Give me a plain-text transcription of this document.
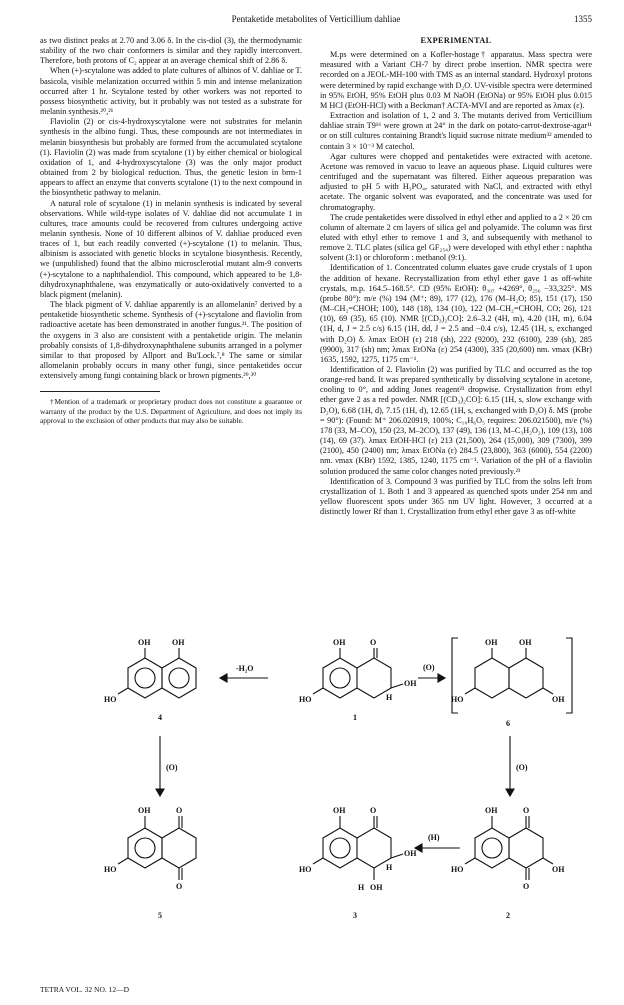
Pentaketide metabolites of Verticillium dahliae	1355

as two distinct peaks at 2.70 and 3.06 δ. In the cis-diol (3), the thermodynamic stability of the two chair conformers is similar and they rapidly interconvert. Therefore, both protons of C₂ appear at an average chemical shift of 2.86 δ.

When (+)-scytalone was added to plate cultures of albinos of V. dahliae or T. basicola, visible melanization occurred within 5 min and intense melanization occurred after 1 hr. Scytalone tested by other workers was not reported to possess biosynthetic activity, but it probably was not tested as a substrate for melanin synthesis.²⁰,²¹

Flaviolin (2) or cis-4-hydroxyscytalone were not substrates for melanin synthesis in the albino fungi. Thus, these compounds are not intermediates in melanin biosynthesis but probably are formed from the accumulated scytalone (1). Flaviolin (2) was made from scytalone (1) by either chemical or biological oxidation of 1, and 4-hydroxyscytalone (3) was the only major product obtained from 2 by biological reduction. Thus, the genetic lesion in brm-1 appears to affect an enzyme that converts scytalone (1) to the next compound in the biosynthetic pathway to melanin.

A natural role of scytalone (1) in melanin synthesis is indicated by several observations. While wild-type isolates of V. dahliae did not accumulate 1 in cultures, trace amounts could be recovered from cultures undergoing active melanin synthesis. None of 10 different albinos of V. dahliae produced even traces of 1, but each readily converted (+)-scytalone (1) to melanin. Thus, albinism is associated with genetic blocks in scytalone biosynthesis. Recently, we (unpublished) found that the albino microsclerotial mutant alm-9 converts (+)-scytalone to a naphthalendiol. This compound, which appeared to be 1,8-dihydroxynaphthalene, was enzymatically or auto-oxidatively converted to a black pigment (melanin).

The black pigment of V. dahliae apparently is an allomelanin⁷ derived by a pentaketide biosynthetic scheme. Synthesis of (+)-scytalone and flaviolin from radioactive acetate has been demonstrated in another fungus.²¹. The position of the oxygens in 3 also are consistent with a pentaketide origin. The melanin probably consists of 1,8-dihydroxynaphthalene subunits arranged in a polymer similar to that proposed by Allport and Bu'Lock.⁷,⁸ The same or similar allomelanin probably occurs in many other fungi, since pentaketides occur extensively among fungi containing black or brown pigments.²⁹,³⁰

†Mention of a trademark or proprietary product does not constitute a guarantee or warranty of the product by the U.S. Department of Agriculture, and does not imply its approval to the exclusion of other products that may also be suitable.

EXPERIMENTAL

M.ps were determined on a Kofler-hostage† apparatus. Mass spectra were measured with a Variant CH-7 by direct probe insertion. NMR spectra were recorded on a JEOL-MH-100 with TMS as an internal standard. Hydroxyl protons were determined by rapid exchange with D₂O. UV-visible spectra were determined in 95% EtOH, 95% EtOH plus 0.03 M NaOH (EtONa) or 95% EtOH plus 0.015 M HCl (EtOH-HCl) with a Beckman† ACTA-MVI and are reported as λmax (ε).

Extraction and isolation of 1, 2 and 3. The mutants derived from Verticillium dahliae strain T9¹⁶ were grown at 24° in the dark on potato-carrot-dextrose-agar¹¹ or on still cultures containing Brandt's liquid sucrose nitrate medium³² amended to contain 3 × 10⁻³ M catechol.

Agar cultures were chopped and pentaketides were extracted with acetone. Acetone was removed in vacuo to leave an aqueous phase. Liquid cultures were centrifuged and the supernatant was filtered. Either aqueous preparation was adjusted to pH 5 with H₃PO₄, saturated with NaCl, and extracted with ethyl acetate. The organic solvent was evaporated, and the concentrate was used for chromatography.

The crude pentaketides were dissolved in ethyl ether and applied to a 2 × 20 cm column of alternate 2 cm layers of silica gel and polyamide. The column was first eluted with ethyl ether to remove 1 and 3, and subsequently with methanol to remove 2. TLC plates (silica gel GF₂₅₄) were developed with ethyl ether : naphtha solvent (3:1) or chloroform : methanol (9:1).

Identification of 1. Concentrated column eluates gave crude crystals of 1 upon the addition of hexane. Recrystallization from ethyl ether gave 1 as off-white crystals, m.p. 164.5–168.5°. CD (95% EtOH): θ₃₀₇ +4269°, θ₂₅₆ −33,325°. MS (probe 80°): m/e (%) 194 (M⁺; 89), 177 (12), 176 (M–H₂O; 85), 151 (17), 150 (M–CH₂=CHOH; 100), 148 (18), 134 (10), 122 (M–CH₂=CHOH, CO; 26), 121 (10), 69 (35), 65 (10). NMR [(CD₃)₂CO]: 2.6–3.2 (4H, m), 4.20 (1H, m), 6.04 (1H, d, J = 2.5 c/s) 6.15 (1H, dd, J = 2.5 and −0.4 c/s), 12.45 (1H, s, exchanged with D₂O) δ. λmax EtOH (ε) 218 (sh), 222 (9200), 232 (6100), 239 (sh), 285 (9900), 317 (sh) nm; λmax EtONa (ε) 254 (4300), 335 (20,600) nm. νmax (KBr) 1635, 1592, 1275, 1175 cm⁻¹.

Identification of 2. Flaviolin (2) was purified by TLC and occurred as the top orange-red band. It was prepared synthetically by dissolving scytalone in acetone, cooling to 0°, and adding Jones reagent²³ dropwise. Crystallization from ethyl ether gave 2 as a red powder. NMR [(CD₃)₂CO]: 6.15 (1H, s, slow exchange with D₂O), 6.68 (1H, d), 7.15 (1H, d), 12.65 (1H, s, exchanged with D₂O) δ. MS (probe = 90°): (Found: M⁺ 206.020919, 100%; C₁₀H₆O₅ requires: 206.021500), m/e (%) 178 (33, M–CO), 150 (23, M–2CO), 137 (49), 136 (13, M–C₃H₂O₂), 109 (13), 108 (14), 69 (37). λmax EtOH-HCl (ε) 213 (21,500), 264 (15,000), 309 (7300), 399 (2100), 450 (2400) nm; λmax EtONa (ε) 284.5 (23,800), 363 (6000), 554 (2200) nm. νmax (KBr) 1592, 1385, 1240, 1175 cm⁻¹. Variation of the pH of a flaviolin solution produced the same color changes noted previously.²³

Identification of 3. Compound 3 was purified by TLC from the solns left from crystallization of 1. Both 1 and 3 appeared as quenched spots under 254 nm and yellow fluorescent spots under 365 nm UV light. However, 3 occurred at a distinctly lower Rf than 1. Crystallization from ethyl ether gave 3 as off-white

OH	OH
HO
OH	O
OH
H
HO
OH	OH
HO	OH
OH	O
HO
O
OH	O
OH
H
HO
H OH
OH	O
HO
O
OH
-H₂O	(O)
(O)	(O)
(H)
4	1
6
5	3	2
TETRA VOL. 32 NO. 12—D
